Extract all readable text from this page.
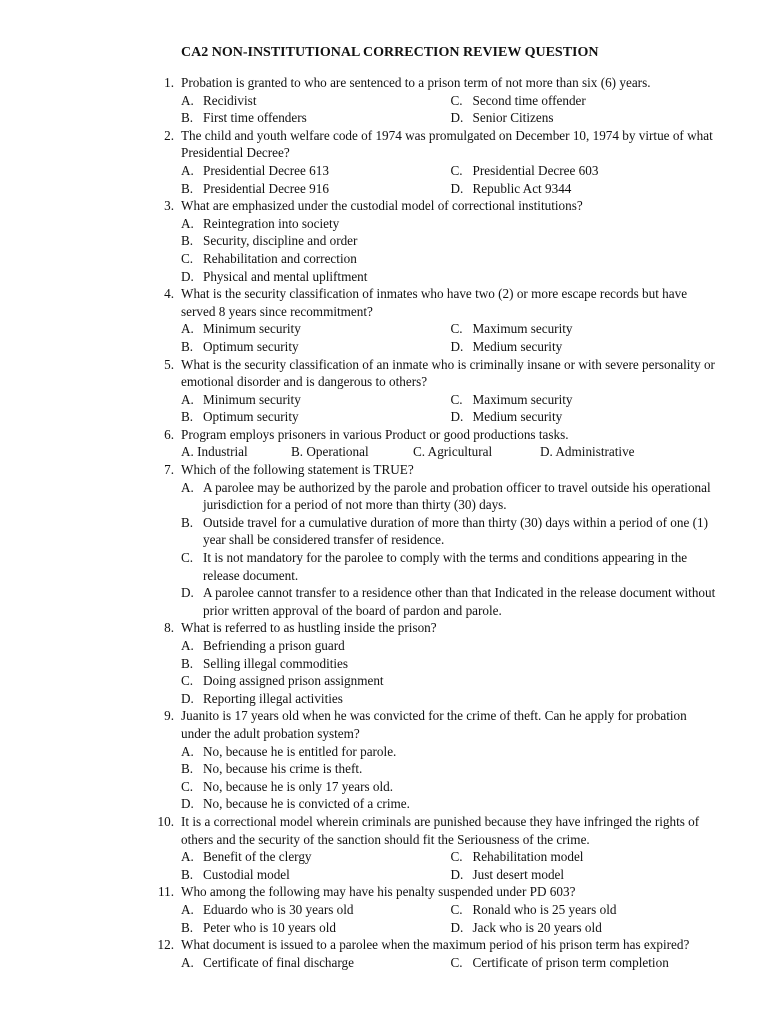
CA2 NON-INSTITUTIONAL CORRECTION REVIEW QUESTION
1. Probation is granted to who are sentenced to a prison term of not more than six (6) years.
A. Recidivist	C. Second time offender
B. First time offenders	D. Senior Citizens
2. The child and youth welfare code of 1974 was promulgated on December 10, 1974 by virtue of what Presidential Decree?
A. Presidential Decree 613	C. Presidential Decree 603
B. Presidential Decree 916	D. Republic Act 9344
3. What are emphasized under the custodial model of correctional institutions?
A. Reintegration into society
B. Security, discipline and order
C. Rehabilitation and correction
D. Physical and mental upliftment
4. What is the security classification of inmates who have two (2) or more escape records but have served 8 years since recommitment?
A. Minimum security	C. Maximum security
B. Optimum security	D. Medium security
5. What is the security classification of an inmate who is criminally insane or with severe personality or emotional disorder and is dangerous to others?
A. Minimum security	C. Maximum security
B. Optimum security	D. Medium security
6. Program employs prisoners in various Product or good productions tasks.
A. Industrial	B. Operational	C. Agricultural	D. Administrative
7. Which of the following statement is TRUE?
A. A parolee may be authorized by the parole and probation officer to travel outside his operational jurisdiction for a period of not more than thirty (30) days.
B. Outside travel for a cumulative duration of more than thirty (30) days within a period of one (1) year shall be considered transfer of residence.
C. It is not mandatory for the parolee to comply with the terms and conditions appearing in the release document.
D. A parolee cannot transfer to a residence other than that Indicated in the release document without prior written approval of the board of pardon and parole.
8. What is referred to as hustling inside the prison?
A. Befriending a prison guard
B. Selling illegal commodities
C. Doing assigned prison assignment
D. Reporting illegal activities
9. Juanito is 17 years old when he was convicted for the crime of theft. Can he apply for probation under the adult probation system?
A. No, because he is entitled for parole.
B. No, because his crime is theft.
C. No, because he is only 17 years old.
D. No, because he is convicted of a crime.
10. It is a correctional model wherein criminals are punished because they have infringed the rights of others and the security of the sanction should fit the Seriousness of the crime.
A. Benefit of the clergy	C. Rehabilitation model
B. Custodial model	D. Just desert model
11. Who among the following may have his penalty suspended under PD 603?
A. Eduardo who is 30 years old	C. Ronald who is 25 years old
B. Peter who is 10 years old	D. Jack who is 20 years old
12. What document is issued to a parolee when the maximum period of his prison term has expired?
A. Certificate of final discharge	C. Certificate of prison term completion
